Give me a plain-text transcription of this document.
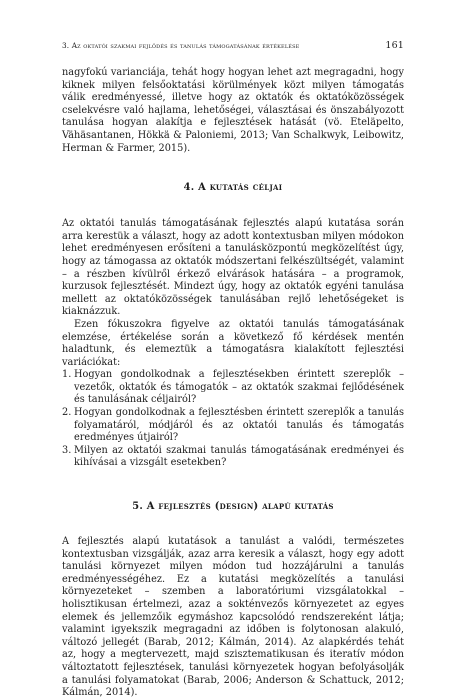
3. Az oktatói szakmai fejlődés és tanulás támogatásának értékelése	161

nagyfokú varianciája, tehát hogy hogyan lehet azt megragadni, hogy kiknek milyen felsőoktatási körülmények közt milyen támogatás válik eredményessé, illetve hogy az oktatók és oktatóközösségek cselekvésre való hajlama, lehetőségei, választásai és önszabályozott tanulása hogyan alakítja e fejlesztések hatását (vö. Eteläpelto, Vähäsantanen, Hökkä & Paloniemi, 2013; Van Schalkwyk, Leibowitz, Herman & Farmer, 2015).

4. A kutatás céljai

Az oktatói tanulás támogatásának fejlesztés alapú kutatása során arra kerestük a választ, hogy az adott kontextusban milyen módokon lehet eredményesen erősíteni a tanulásközpontú megközelítést úgy, hogy az támogassa az oktatók módszertani felkészültségét, valamint – a részben kívülről érkező elvárások hatására – a programok, kurzusok fejlesztését. Mindezt úgy, hogy az oktatók egyéni tanulása mellett az oktatóközösségek tanulásában rejlő lehetőségeket is kiaknázzuk.

Ezen fókuszokra figyelve az oktatói tanulás támogatásának elemzése, értékelése során a következő fő kérdések mentén haladtunk, és elemeztük a támogatásra kialakított fejlesztési variációkat:

1. Hogyan gondolkodnak a fejlesztésekben érintett szereplők – vezetők, oktatók és támogatók – az oktatók szakmai fejlődésének és tanulásának céljairól?
2. Hogyan gondolkodnak a fejlesztésben érintett szereplők a tanulás folyamatáról, módjáról és az oktatói tanulás és támogatás eredményes útjairól?
3. Milyen az oktatói szakmai tanulás támogatásának eredményei és kihívásai a vizsgált esetekben?
5. A fejlesztés (design) alapú kutatás

A fejlesztés alapú kutatások a tanulást a valódi, természetes kontextusban vizsgálják, azaz arra keresik a választ, hogy egy adott tanulási környezet milyen módon tud hozzájárulni a tanulás eredményességéhez. Ez a kutatási megközelítés a tanulási környezeteket – szemben a laboratóriumi vizsgálatokkal – holisztikusan értelmezi, azaz a sokténvezős környezetet az egyes elemek és jellemzőik egymáshoz kapcsolódó rendszereként látja; valamint igyekszik megragadni az időben is folytonosan alakuló, változó jellegét (Barab, 2012; Kálmán, 2014). Az alapkérdés tehát az, hogy a megtervezett, majd szisztematikusan és iteratív módon változtatott fejlesztések, tanulási környezetek hogyan befolyásolják a tanulási folyamatokat (Barab, 2006; Anderson & Schattuck, 2012; Kálmán, 2014).
